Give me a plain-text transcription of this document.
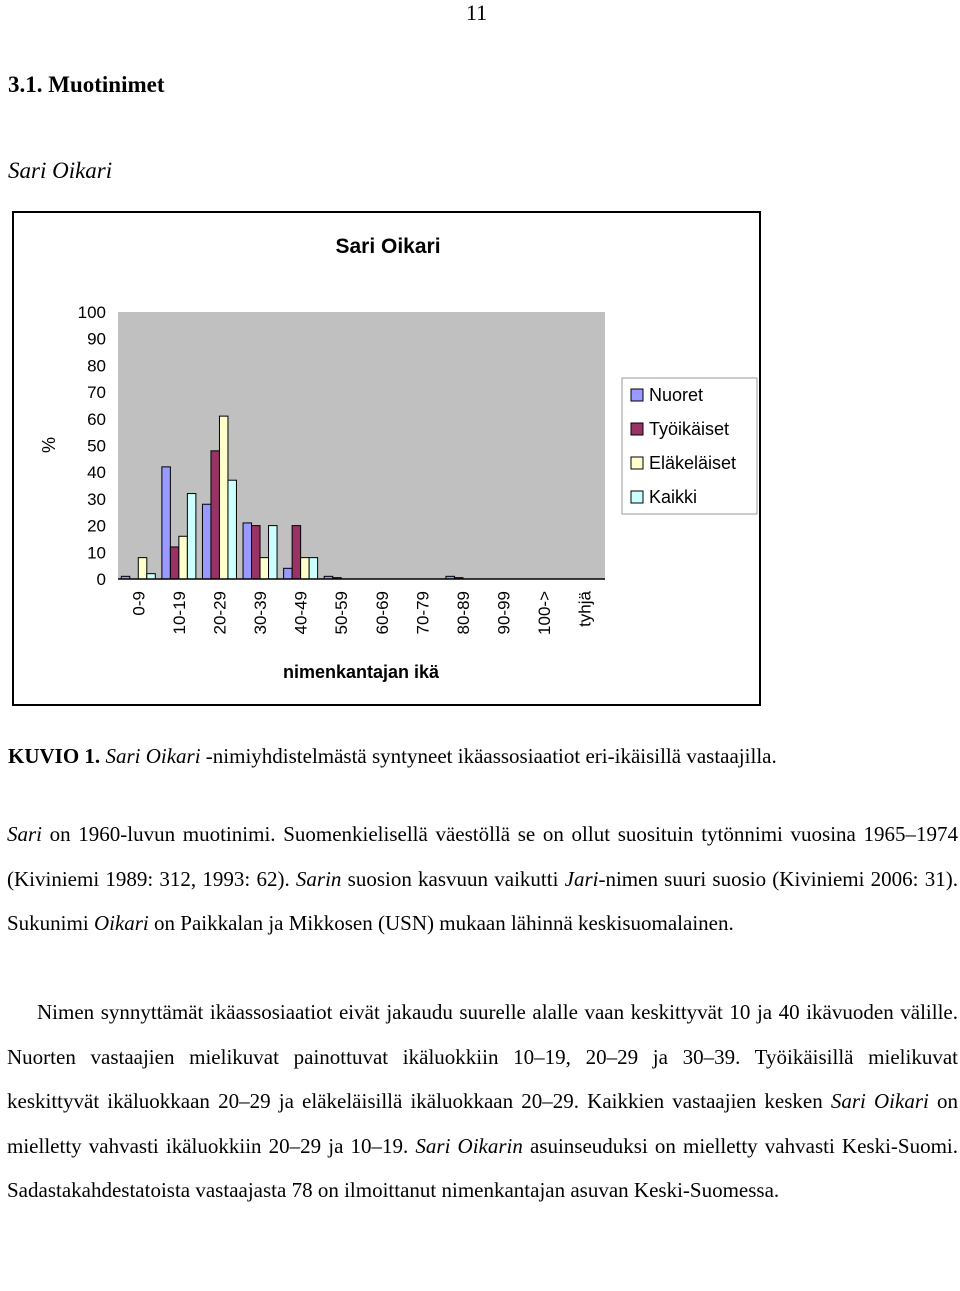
11
3.1. Muotinimet
Sari Oikari
Sari Oikari
%
nimenkantajan ikä
0
10
20
30
40
50
60
70
80
90
100
0-9 10-19 20-29 30-39 40-49 50-59 60-69 70-79 80-89 90-99 100-> tyhjä
Nuoret
Työikäiset
Eläkeläiset
Kaikki
KUVIO 1. Sari Oikari -nimiyhdistelmästä syntyneet ikäassosiaatiot eri-ikäisillä vastaajilla.
Sari on 1960-luvun muotinimi. Suomenkielisellä väestöllä se on ollut suosituin tytönnimi vuosina 1965–1974 (Kiviniemi 1989: 312, 1993: 62). Sarin suosion kasvuun vaikutti Jari-nimen suuri suosio (Kiviniemi 2006: 31). Sukunimi Oikari on Paikkalan ja Mikkosen (USN) mukaan lähinnä keskisuomalainen.
Nimen synnyttämät ikäassosiaatiot eivät jakaudu suurelle alalle vaan keskittyvät 10 ja 40 ikävuoden välille. Nuorten vastaajien mielikuvat painottuvat ikäluokkiin 10–19, 20–29 ja 30–39. Työikäisillä mielikuvat keskittyvät ikäluokkaan 20–29 ja eläkeläisillä ikäluokkaan 20–29. Kaikkien vastaajien kesken Sari Oikari on mielletty vahvasti ikäluokkiin 20–29 ja 10–19. Sari Oikarin asuinseuduksi on mielletty vahvasti Keski-Suomi. Sadastakahdestatoista vastaajasta 78 on ilmoittanut nimenkantajan asuvan Keski-Suomessa.
